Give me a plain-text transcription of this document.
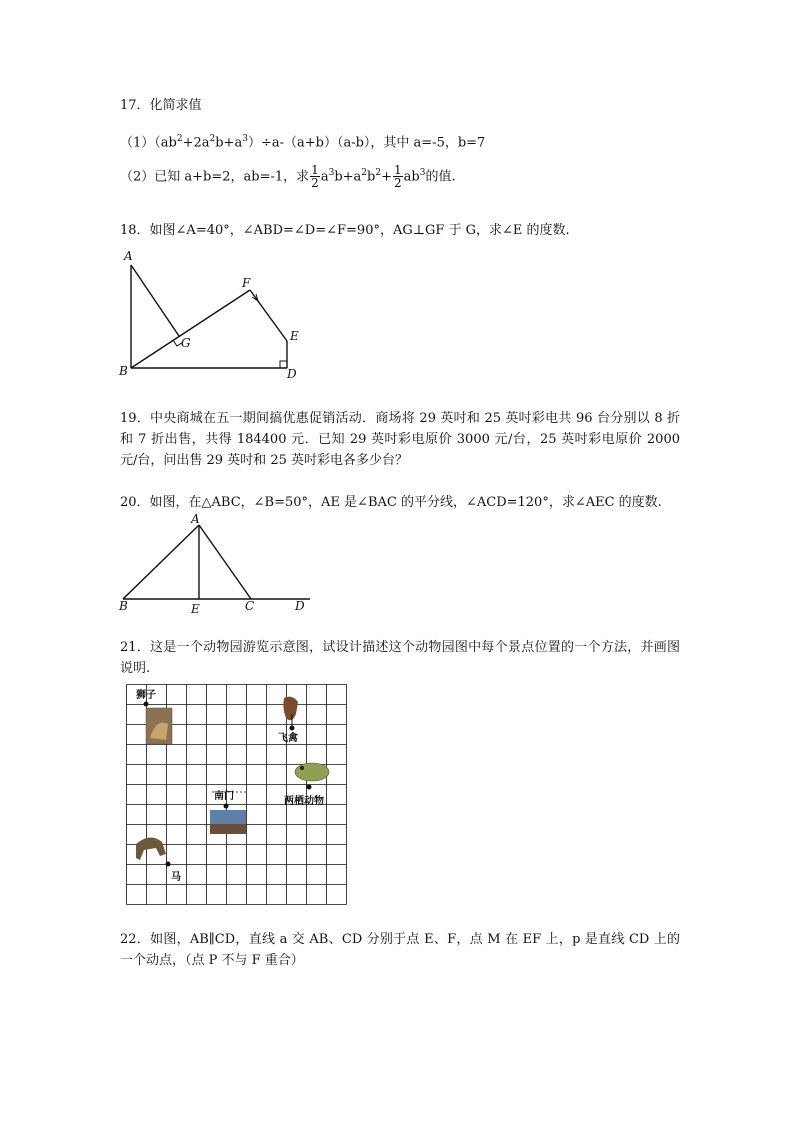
17．化简求值
$(1)(ab^2+2a^2b+a^3)\div a-(a+b)(a-b)$，其中 a=-5，b=7
（2）已知 a+b=2，ab=-1，求 $\frac{1}{2} a^3b+a^2b^2+ \frac{1}{2} ab^3$的值.
18．如图∠A=40°，∠ABD=∠D=∠F=90°，AG⊥GF 于 G，求∠E 的度数.
A
B	D
E
F
G
19．中央商城在五一期间搞优惠促销活动．商场将 29 英吋和 25 英吋彩电共 96 台分别以 8 折和 7 折出售，共得 184400 元．已知 29 英吋彩电原价 3000 元/台，25 英吋彩电原价 2000 元/台，问出售 29 英吋和 25 英吋彩电各多少台？
20．如图，在△ABC，∠B=50°，AE 是∠BAC 的平分线，∠ACD=120°，求∠AEC 的度数.
A
B	E	C	D
21．这是一个动物园游览示意图，试设计描述这个动物园图中每个景点位置的一个方法，并画图说明.
狮子
飞禽
两栖动物
南门
马
22．如图，AB∥CD，直线 a 交 AB、CD 分别于点 E、F，点 M 在 EF 上，p 是直线 CD 上的一个动点，（点 P 不与 F 重合）
